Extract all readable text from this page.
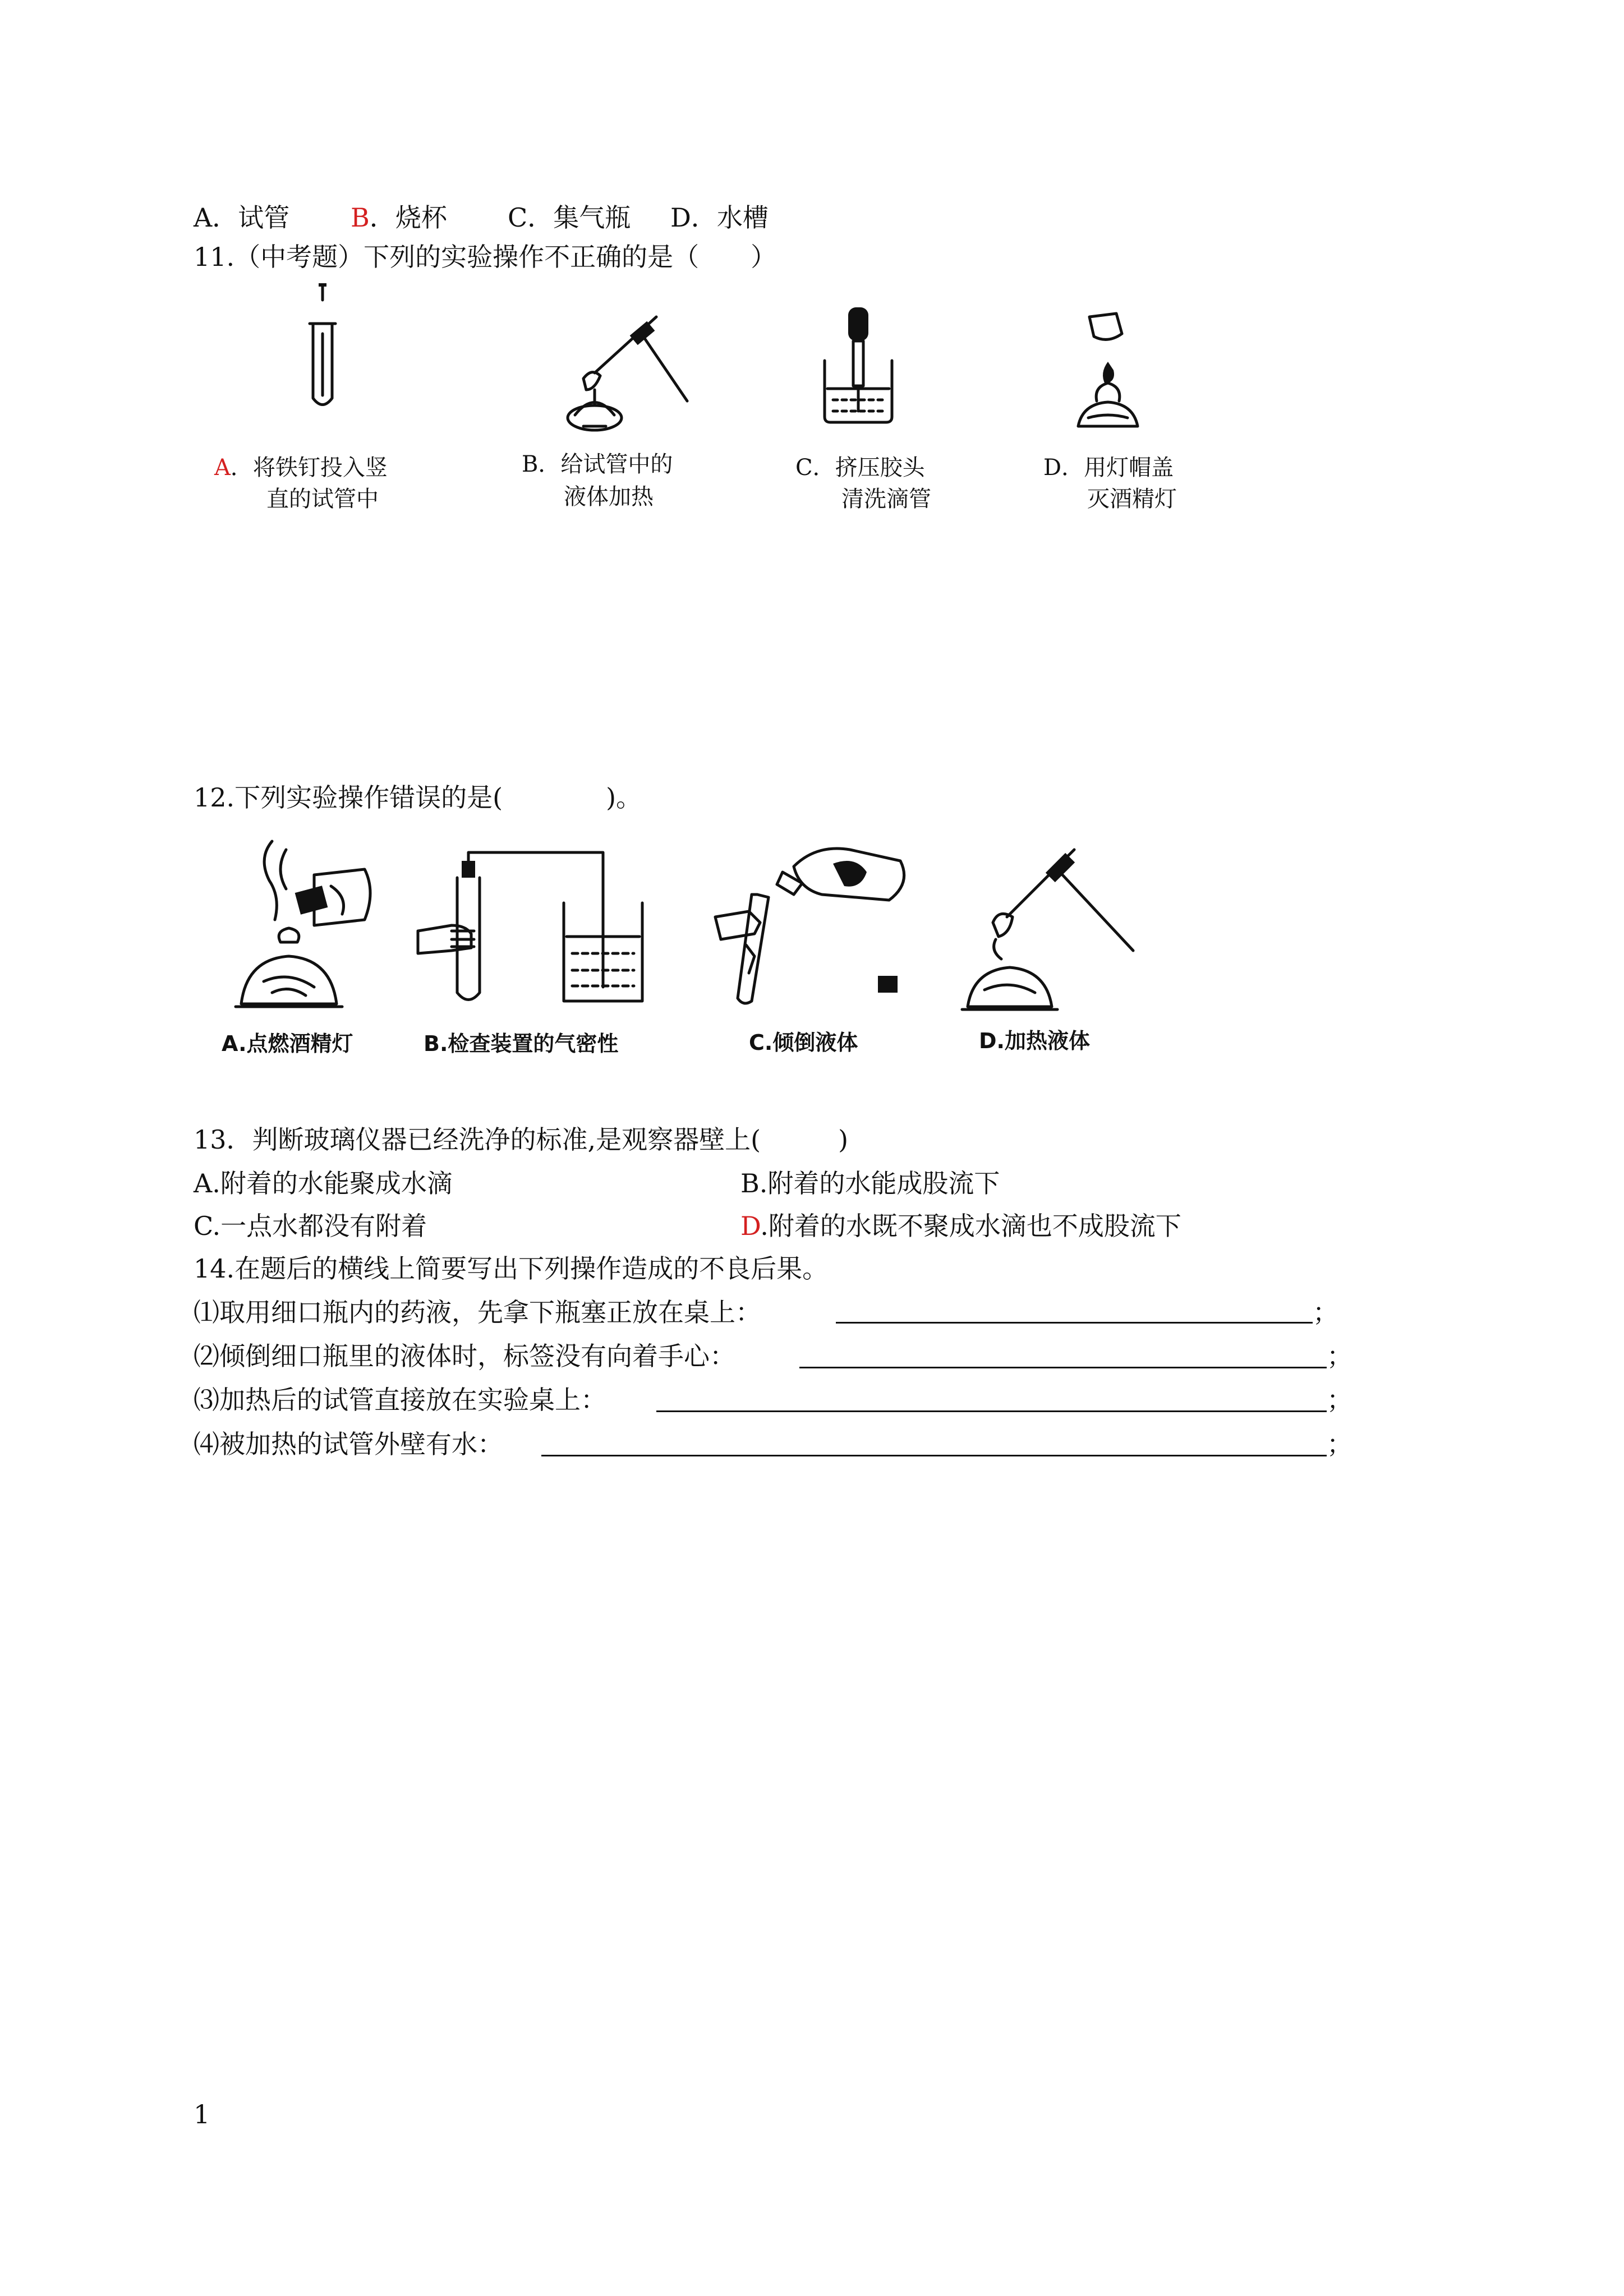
A．试管 B．烧杯 C．集气瓶 D．水槽
11.（中考题）下列的实验操作不正确的是（　　）
A．将铁钉投入竖
直的试管中
B．给试管中的
液体加热
C．挤压胶头
清洗滴管
D．用灯帽盖
灭酒精灯
12.下列实验操作错误的是(　　　　)。
A.点燃酒精灯	B.检查装置的气密性	C.倾倒液体	D.加热液体
13．判断玻璃仪器已经洗净的标准,是观察器壁上(　　　)
A.附着的水能聚成水滴	B.附着的水能成股流下
C.一点水都没有附着	D.附着的水既不聚成水滴也不成股流下
14.在题后的横线上简要写出下列操作造成的不良后果。
⑴取用细口瓶内的药液，先拿下瓶塞正放在桌上：	；
⑵倾倒细口瓶里的液体时，标签没有向着手心：	；
⑶加热后的试管直接放在实验桌上：	；
⑷被加热的试管外壁有水：	；
1
